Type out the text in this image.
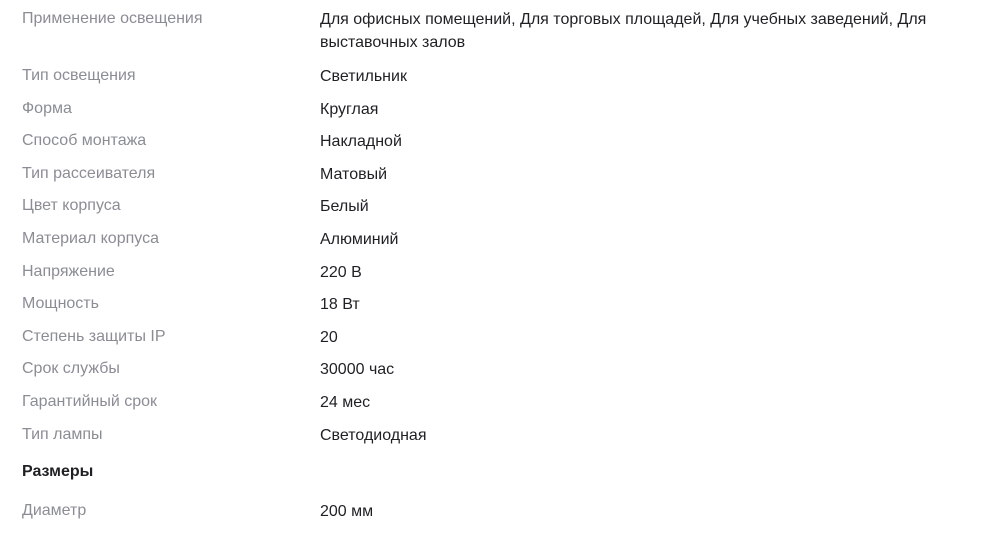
Применение освещения	Для офисных помещений, Для торговых площадей, Для учебных заведений, Для выставочных залов
Тип освещения	Светильник
Форма	Круглая
Способ монтажа	Накладной
Тип рассеивателя	Матовый
Цвет корпуса	Белый
Материал корпуса	Алюминий
Напряжение	220 В
Мощность	18 Вт
Степень защиты IP	20
Срок службы	30000 час
Гарантийный срок	24 мес
Тип лампы	Светодиодная
Размеры
Диаметр	200 мм
